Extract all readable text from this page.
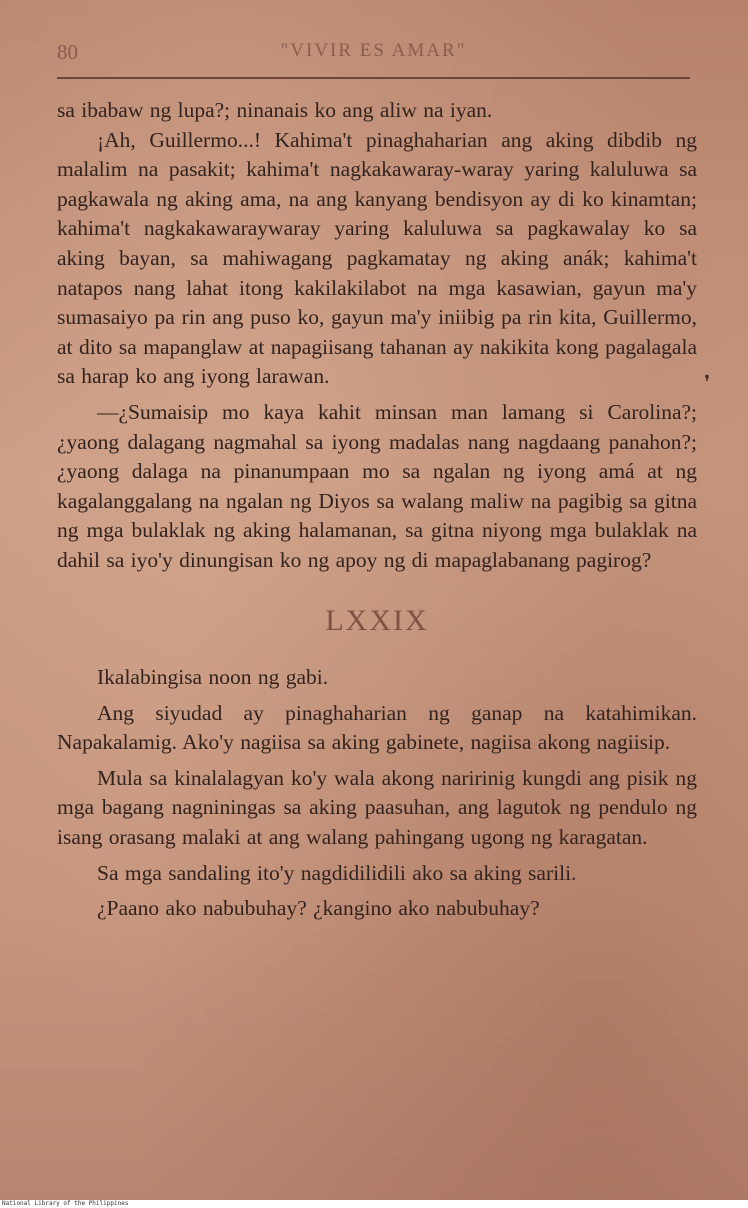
80	"VIVIR ES AMAR"

sa ibabaw ng lupa?; ninanais ko ang aliw na iyan.

¡Ah, Guillermo...! Kahima't pinaghaharian ang aking dibdib ng malalim na pasakit; kahima't nagkakawaray-waray yaring kaluluwa sa pagkawala ng aking ama, na ang kanyang bendisyon ay di ko kinamtan; kahima't nagkakawaraywaray yaring kaluluwa sa pagkawalay ko sa aking bayan, sa mahiwagang pagkamatay ng aking anák; kahima't natapos nang lahat itong kakilakilabot na mga kasawian, gayun ma'y sumasaiyo pa rin ang puso ko, gayun ma'y iniibig pa rin kita, Guillermo, at dito sa mapanglaw at napagiisang tahanan ay nakikita kong pagalagala sa harap ko ang iyong larawan.

—¿Sumaisip mo kaya kahit minsan man lamang si Carolina?; ¿yaong dalagang nagmahal sa iyong madalas nang nagdaang panahon?; ¿yaong dalaga na pinanumpaan mo sa ngalan ng iyong amá at ng kagalanggalang na ngalan ng Diyos sa walang maliw na pagibig sa gitna ng mga bulaklak ng aking halamanan, sa gitna niyong mga bulaklak na dahil sa iyo'y dinungisan ko ng apoy ng di mapaglabanang pagirog?

LXXIX

Ikalabingisa noon ng gabi.

Ang siyudad ay pinaghaharian ng ganap na katahimikan. Napakalamig. Ako'y nagiisa sa aking gabinete, nagiisa akong nagiisip.

Mula sa kinalalagyan ko'y wala akong naririnig kungdi ang pisik ng mga bagang nagniningas sa aking paasuhan, ang lagutok ng pendulo ng isang orasang malaki at ang walang pahingang ugong ng karagatan.

Sa mga sandaling ito'y nagdidilidili ako sa aking sarili.

¿Paano ako nabubuhay? ¿kangino ako nabubuhay?

❜
National Library of the Philippines
